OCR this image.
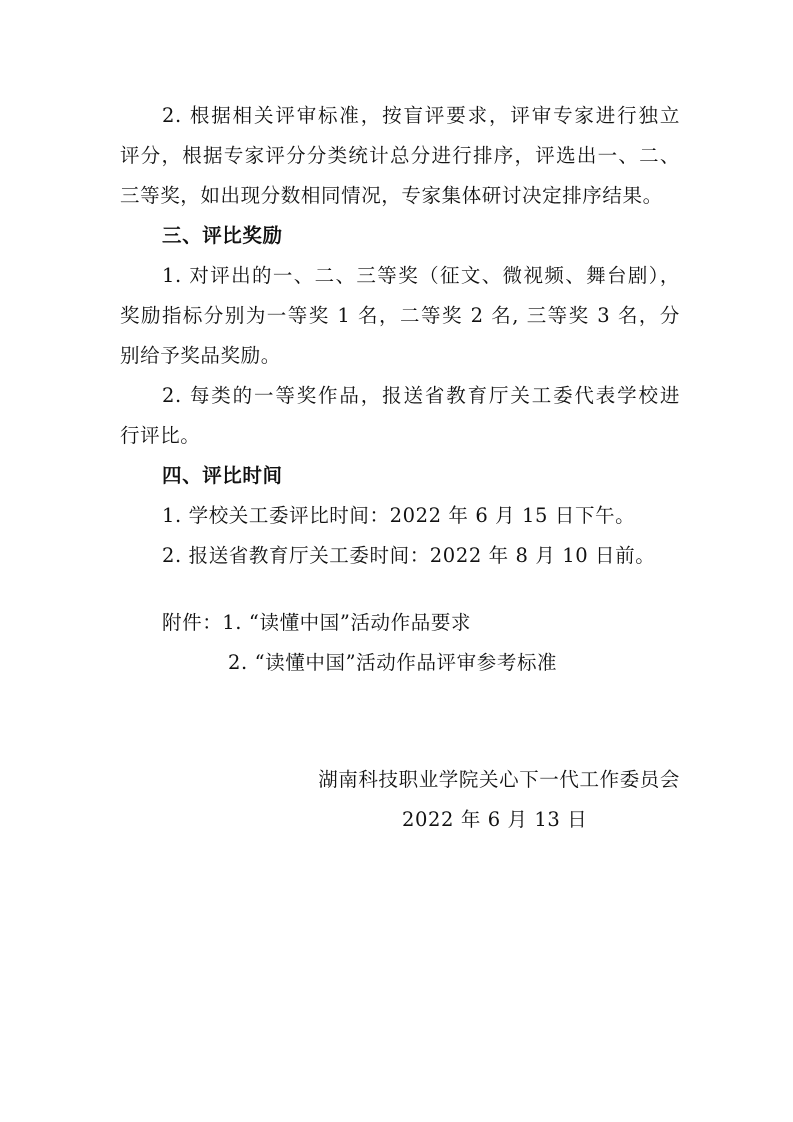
2. 根据相关评审标准，按盲评要求，评审专家进行独立
评分，根据专家评分分类统计总分进行排序，评选出一、二、
三等奖，如出现分数相同情况，专家集体研讨决定排序结果。
三、评比奖励
1. 对评出的一、二、三等奖（征文、微视频、舞台剧），
奖励指标分别为一等奖 1 名，二等奖 2 名, 三等奖 3 名，分
别给予奖品奖励。
2. 每类的一等奖作品，报送省教育厅关工委代表学校进
行评比。
四、评比时间
1. 学校关工委评比时间：2022 年 6 月 15 日下午。
2. 报送省教育厅关工委时间：2022 年 8 月 10 日前。
附件：1. “读懂中国”活动作品要求
2. “读懂中国”活动作品评审参考标准
湖南科技职业学院关心下一代工作委员会
2022 年 6 月 13 日
